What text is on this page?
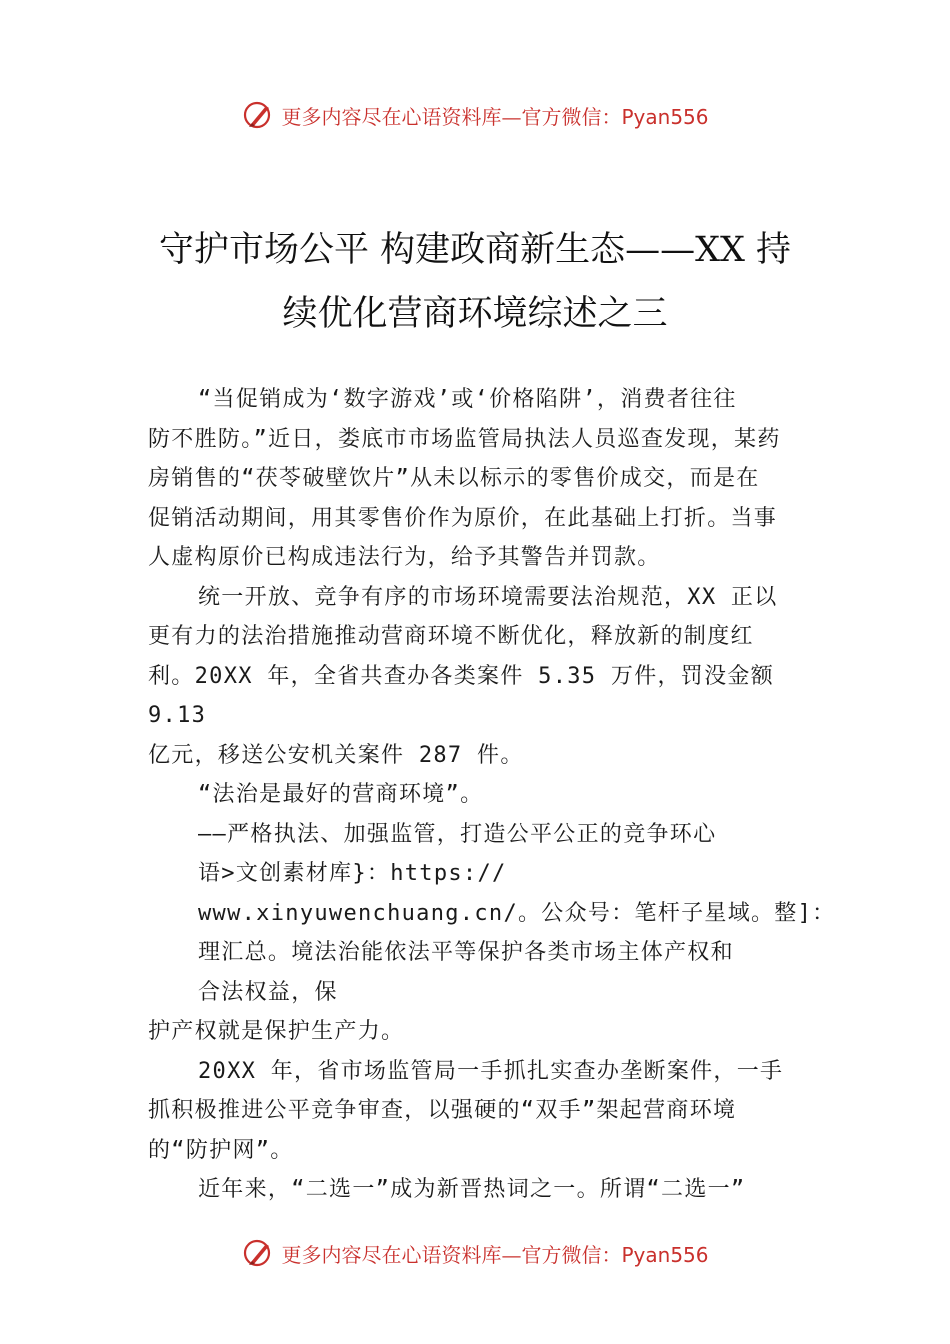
更多内容尽在心语资料库—官方微信：Pyan556
守护市场公平 构建政商新生态——XX 持
续优化营商环境综述之三
“当促销成为‘数字游戏’或‘价格陷阱’，消费者往往
防不胜防。”近日，娄底市市场监管局执法人员巡查发现，某药
房销售的“茯苓破壁饮片”从未以标示的零售价成交，而是在
促销活动期间，用其零售价作为原价，在此基础上打折。当事
人虚构原价已构成违法行为，给予其警告并罚款。
统一开放、竞争有序的市场环境需要法治规范，XX 正以
更有力的法治措施推动营商环境不断优化，释放新的制度红
利。20XX 年，全省共查办各类案件 5.35 万件，罚没金额
9.13
亿元，移送公安机关案件 287 件。
“法治是最好的营商环境”。
——严格执法、加强监管，打造公平公正的竞争环心
语>文创素材库}：https://
www.xinyuwenchuang.cn/。公众号：笔杆子星域。整]：
理汇总。境法治能依法平等保护各类市场主体产权和
合法权益，保
护产权就是保护生产力。
20XX 年，省市场监管局一手抓扎实查办垄断案件，一手
抓积极推进公平竞争审查，以强硬的“双手”架起营商环境
的“防护网”。
近年来，“二选一”成为新晋热词之一。所谓“二选一”
更多内容尽在心语资料库—官方微信：Pyan556
